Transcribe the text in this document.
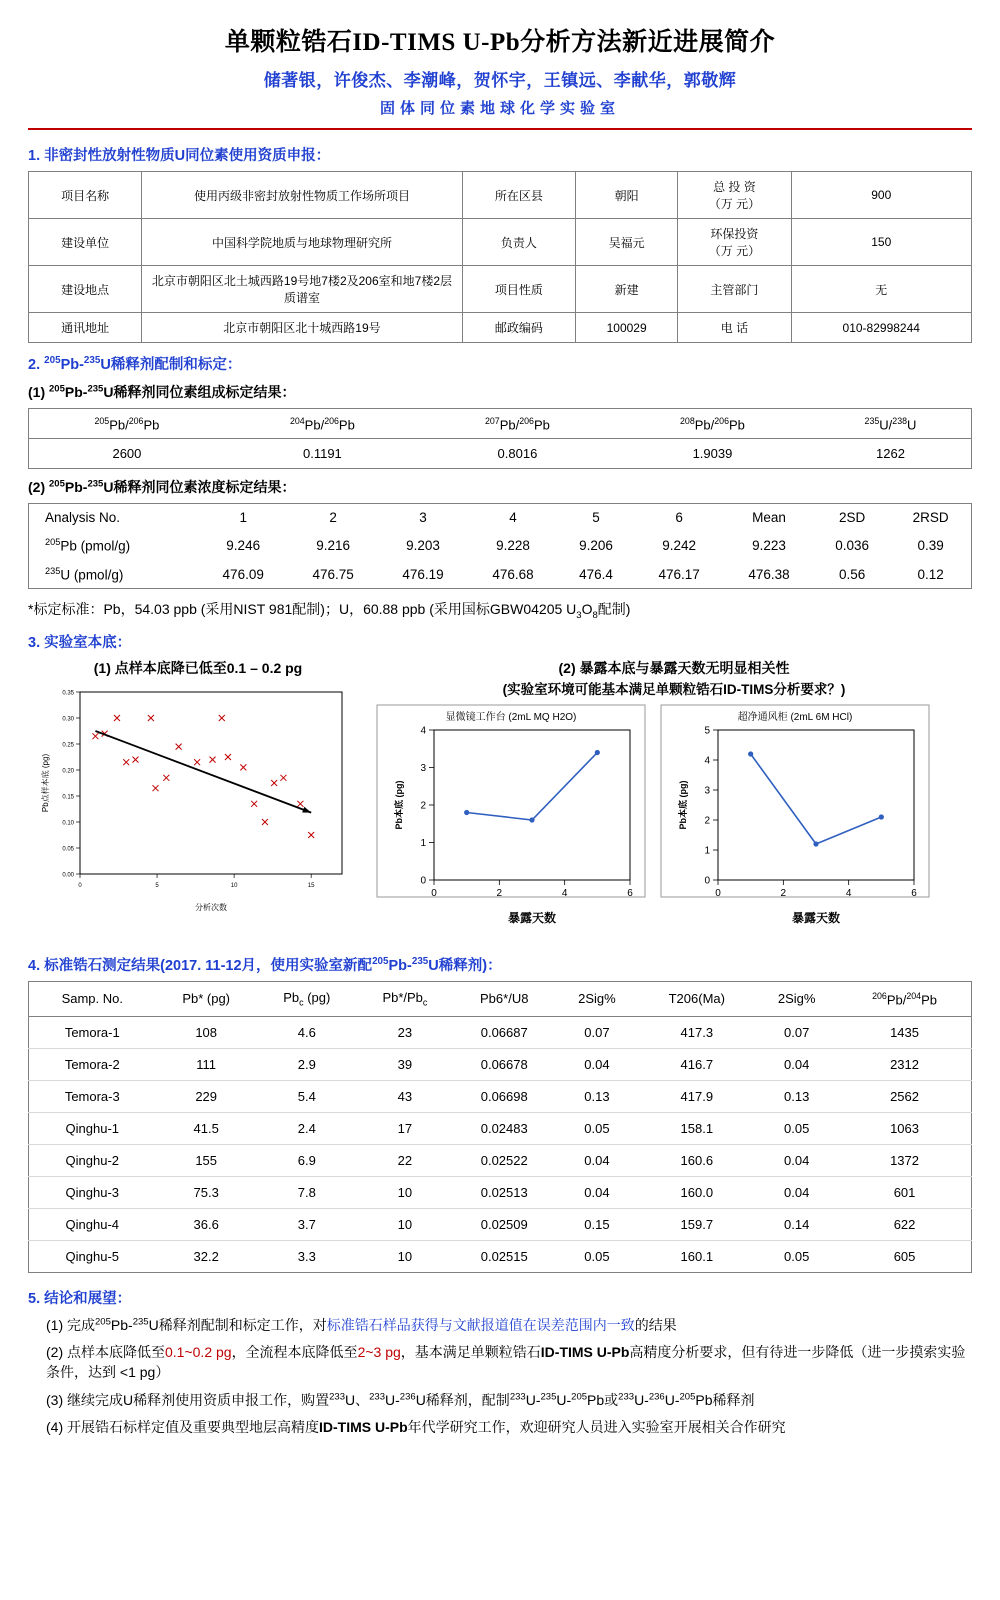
单颗粒锆石ID-TIMS U-Pb分析方法新近进展简介
储著银，许俊杰、李潮峰，贺怀宇，王镇远、李献华，郭敬辉
固体同位素地球化学实验室
1. 非密封性放射性物质U同位素使用资质申报：
项目名称	使用丙级非密封放射性物质工作场所项目	所在区县	朝阳	总 投 资
（万 元）	900
建设单位	中国科学院地质与地球物理研究所	负责人	吴福元	环保投资
（万 元）	150
建设地点	北京市朝阳区北土城西路19号地7楼2及206室和地7楼2层质谱室	项目性质	新建	主管部门	无
通讯地址	北京市朝阳区北十城西路19号	邮政编码	100029	电 话	010-82998244
2. $^{205}$Pb-$^{235}$U稀释剂配制和标定：
(1) $^{205}$Pb-$^{235}$U稀释剂同位素组成标定结果：
$^{205}$Pb/$^{206}$Pb	$^{204}$Pb/$^{206}$Pb	$^{207}$Pb/$^{206}$Pb	$^{208}$Pb/$^{206}$Pb	$^{235}$U/$^{238}$U
2600	0.1191	0.8016	1.9039	1262
(2) $^{205}$Pb-$^{235}$U稀释剂同位素浓度标定结果：
Analysis No.	1	2	3	4	5	6	Mean	2SD	2RSD
$^{205}$Pb (pmol/g)	9.246	9.216	9.203	9.228	9.206	9.242	9.223	0.036	0.39
$^{235}$U (pmol/g)	476.09	476.75	476.19	476.68	476.4	476.17	476.38	0.56	0.12
*标定标准：Pb，54.03 ppb (采用NIST 981配制)；U，60.88 ppb (采用国标GBW04205 $U_3O_8$配制)
3. 实验室本底：
(1) 点样本底降已低至0.1 – 0.2 pg
0.00
0.05
0.10
0.15
0.20
0.25
0.30
0.35
0	5	10	15
分析次数
Pb点样本底 (pg)
(2) 暴露本底与暴露天数无明显相关性
(实验室环境可能基本满足单颗粒锆石ID-TIMS分析要求？)
显微镜工作台 (2mL MQ H2O)
0
1
2
3
4
0	2	4	6
暴露天数
Pb本底 (pg)
超净通风柜 (2mL 6M HCl)
0
1
2
3
4
5
0	2	4	6
暴露天数
Pb本底 (pg)
4. 标准锆石测定结果(2017. 11-12月，使用实验室新配$^{205}$Pb-$^{235}$U稀释剂)：
Samp. No.	Pb* (pg)	$Pb_c$ (pg)	$Pb*/Pb_c$	Pb6*/U8	2Sig%	T206(Ma)	2Sig%	$^{206}$Pb/$^{204}$Pb
Temora-1	108	4.6	23	0.06687	0.07	417.3	0.07	1435
Temora-2	111	2.9	39	0.06678	0.04	416.7	0.04	2312
Temora-3	229	5.4	43	0.06698	0.13	417.9	0.13	2562
Qinghu-1	41.5	2.4	17	0.02483	0.05	158.1	0.05	1063
Qinghu-2	155	6.9	22	0.02522	0.04	160.6	0.04	1372
Qinghu-3	75.3	7.8	10	0.02513	0.04	160.0	0.04	601
Qinghu-4	36.6	3.7	10	0.02509	0.15	159.7	0.14	622
Qinghu-5	32.2	3.3	10	0.02515	0.05	160.1	0.05	605
5. 结论和展望：
(1) 完成$^{205}$Pb-$^{235}$U稀释剂配制和标定工作，对标准锆石样品获得与文献报道值在误差范围内一致的结果
(2) 点样本底降低至0.1~0.2 pg，全流程本底降低至2~3 pg，基本满足单颗粒锆石ID-TIMS U-Pb高精度分析要求，但有待进一步降低（进一步摸索实验条件，达到 <1 pg）
(3) 继续完成U稀释剂使用资质申报工作，购置$^{233}$U、$^{233}$U-$^{236}$U稀释剂，配制$^{233}$U-$^{235}$U-$^{205}$Pb或$^{233}$U-$^{236}$U-$^{205}$Pb稀释剂
(4) 开展锆石标样定值及重要典型地层高精度ID-TIMS U-Pb年代学研究工作，欢迎研究人员进入实验室开展相关合作研究
